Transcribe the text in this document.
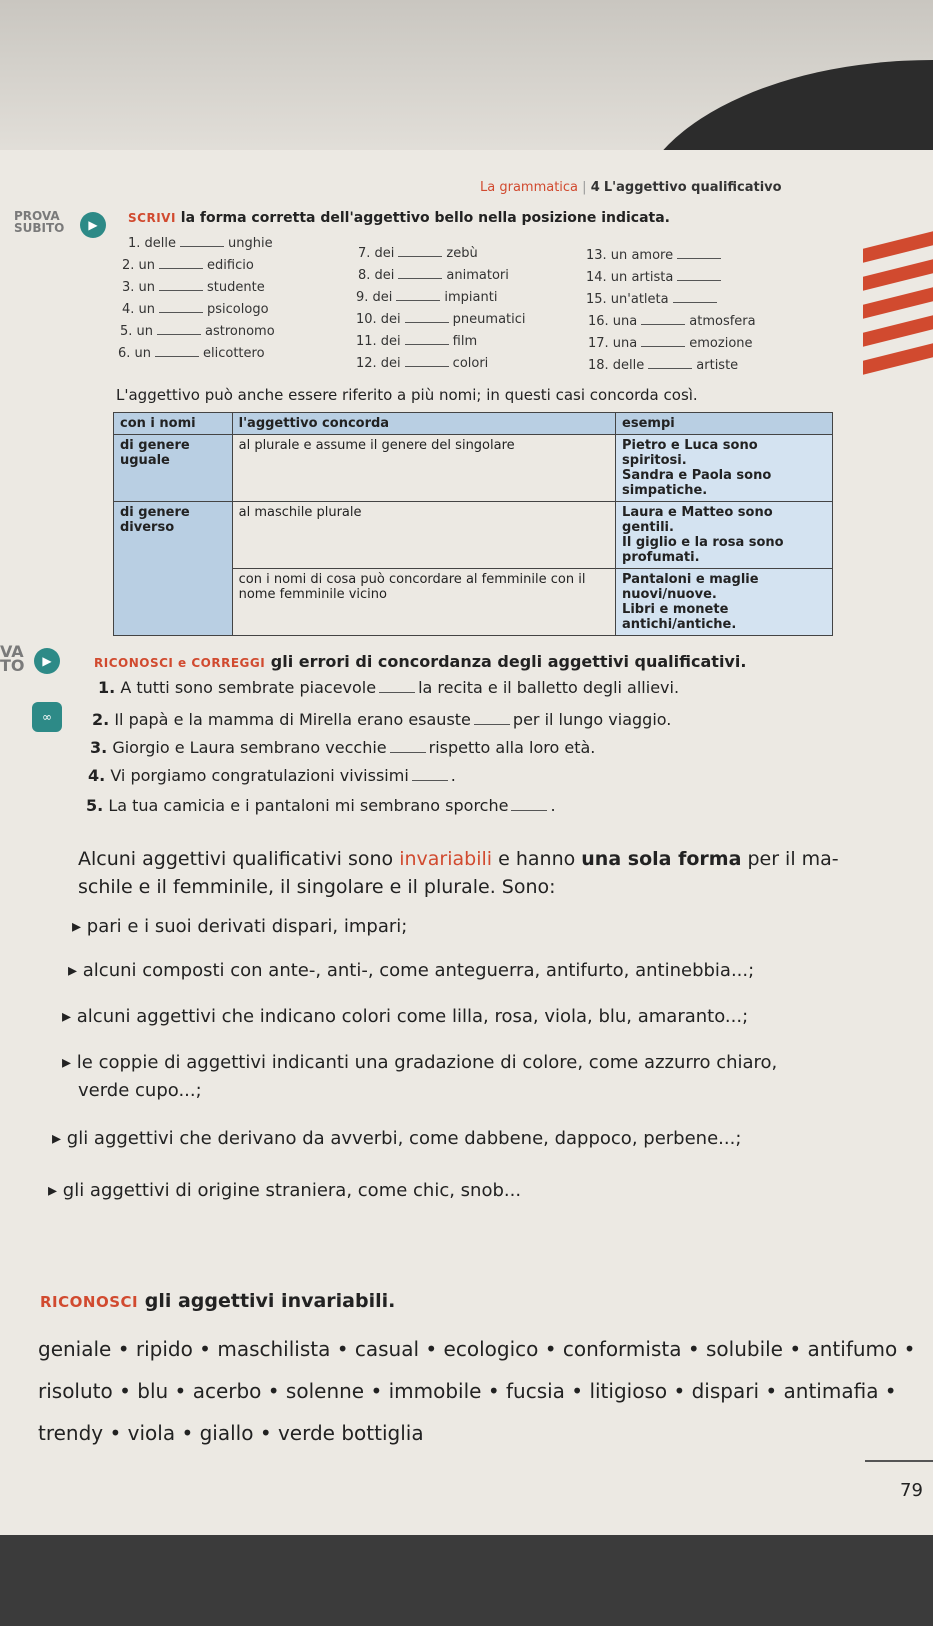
La grammatica | 4 L'aggettivo qualificativo
PROVA
SUBITO	▶	SCRIVI la forma corretta dell'aggettivo bello nella posizione indicata.
1. delle	unghie
2. un	edificio
3. un	studente
4. un	psicologo
5. un	astronomo
6. un	elicottero
7. dei	zebù
8. dei	animatori
9. dei	impianti
10. dei	pneumatici
11. dei	film
12. dei	colori
13. un amore
14. un artista
15. un'atleta
16. una	atmosfera
17. una	emozione
18. delle	artiste
L'aggettivo può anche essere riferito a più nomi; in questi casi concorda così.
con i nomi	l'aggettivo concorda	esempi
di genere uguale	al plurale e assume il genere del singolare	Pietro e Luca sono spiritosi.
Sandra e Paola sono simpatiche.

di genere diverso	al maschile plurale	Laura e Matteo sono gentili.
Il giglio e la rosa sono profumati.

	con i nomi di cosa può concordare al femminile con il nome femminile vicino	Pantaloni e maglie nuovi/nuove.
Libri e monete antichi/antiche.
VA
TO	▶
∞
RICONOSCI e CORREGGI gli errori di concordanza degli aggettivi qualificativi.
1. A tutti sono sembrate piacevole	la recita e il balletto degli allievi.
2. Il papà e la mamma di Mirella erano esauste	per il lungo viaggio.
3. Giorgio e Laura sembrano vecchie	rispetto alla loro età.
4. Vi porgiamo congratulazioni vivissimi	.
5. La tua camicia e i pantaloni mi sembrano sporche	.
Alcuni aggettivi qualificativi sono invariabili e hanno una sola forma per il ma-
schile e il femminile, il singolare e il plurale. Sono:
▸ pari e i suoi derivati dispari, impari;
▸ alcuni composti con ante-, anti-, come anteguerra, antifurto, antinebbia...;
▸ alcuni aggettivi che indicano colori come lilla, rosa, viola, blu, amaranto...;
▸ le coppie di aggettivi indicanti una gradazione di colore, come azzurro chiaro,
verde cupo...;
▸ gli aggettivi che derivano da avverbi, come dabbene, dappoco, perbene...;
▸ gli aggettivi di origine straniera, come chic, snob...
RICONOSCI gli aggettivi invariabili.
geniale • ripido • maschilista • casual • ecologico • conformista • solubile • antifumo •
risoluto • blu • acerbo • solenne • immobile • fucsia • litigioso • dispari • antimafia •
trendy • viola • giallo • verde bottiglia
79
